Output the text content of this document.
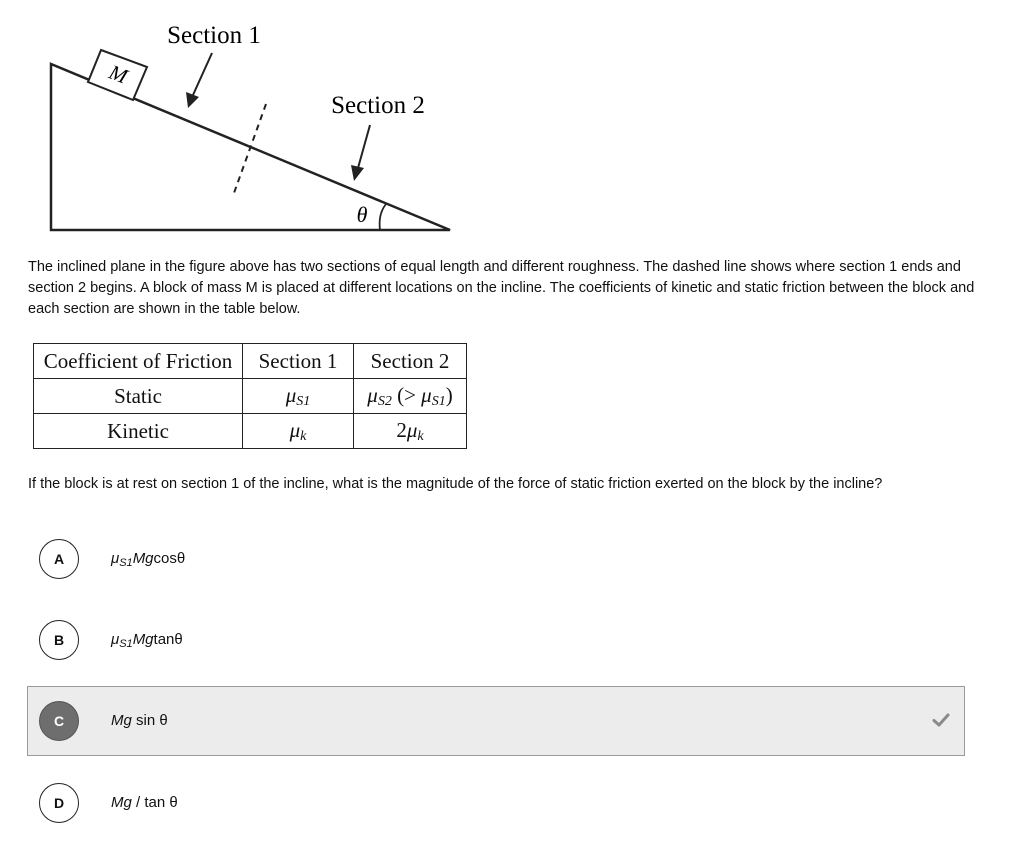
M
Section 1
Section 2
θ
The inclined plane in the figure above has two sections of equal length and different roughness. The dashed line shows where section 1 ends and section 2 begins. A block of mass M is placed at different locations on the incline. The coefficients of kinetic and static friction between the block and each section are shown in the table below.
Coefficient of Friction	Section 1	Section 2
Static	$\mu_{S1}$	$\mu_{S2}$ (> $\mu_{S1}$)
Kinetic	$\mu_k$	$2\mu_k$
If the block is at rest on section 1 of the incline, what is the magnitude of the force of static friction exerted on the block by the incline?
A	$\mu_{S1}Mgcos\theta$
B	$\mu_{S1}Mgtan\theta$
C	Mg sin θ
D	Mg / tan θ
